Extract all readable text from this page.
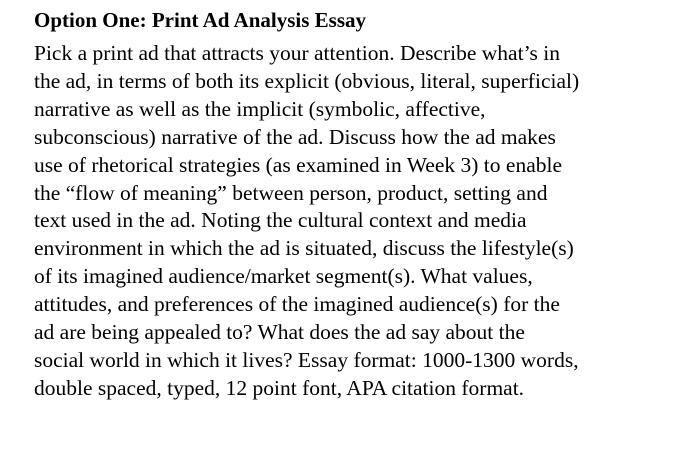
Option One: Print Ad Analysis Essay

Pick a print ad that attracts your attention. Describe what’s in
the ad, in terms of both its explicit (obvious, literal, superficial)
narrative as well as the implicit (symbolic, affective,
subconscious) narrative of the ad. Discuss how the ad makes
use of rhetorical strategies (as examined in Week 3) to enable
the “flow of meaning” between person, product, setting and
text used in the ad. Noting the cultural context and media
environment in which the ad is situated, discuss the lifestyle(s)
of its imagined audience/market segment(s). What values,
attitudes, and preferences of the imagined audience(s) for the
ad are being appealed to? What does the ad say about the
social world in which it lives? Essay format: 1000-1300 words,
double spaced, typed, 12 point font, APA citation format.
